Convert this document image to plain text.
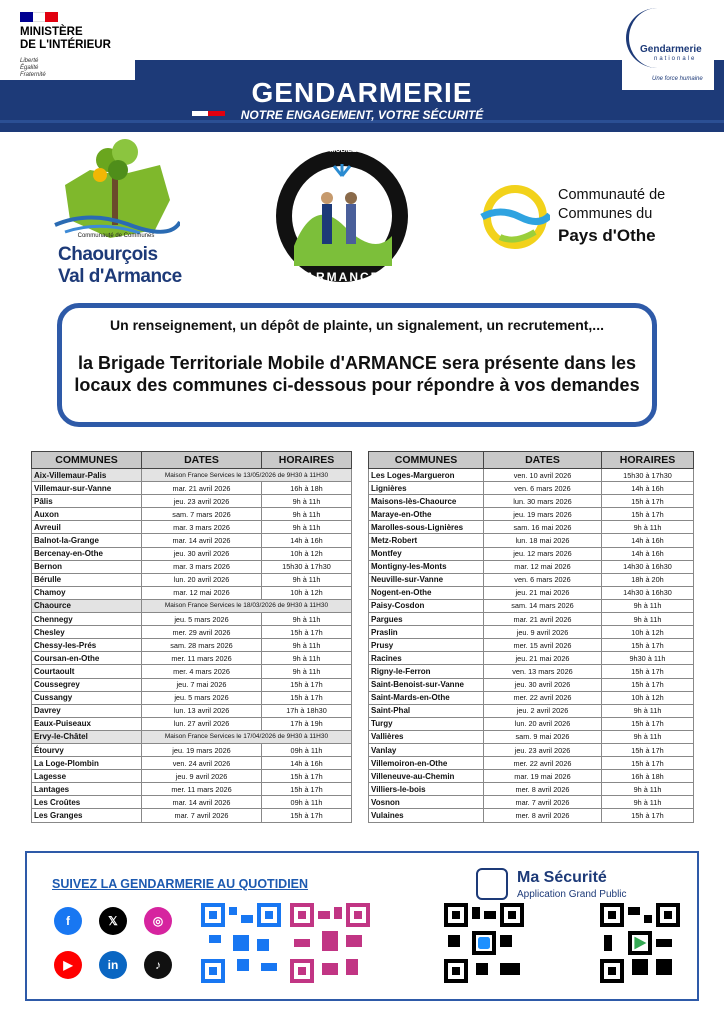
MINISTÈRE
DE L'INTÉRIEUR
Liberté
Égalité
Fraternité
GENDARMERIE
NOTRE ENGAGEMENT, VOTRE SÉCURITÉ
Gendarmerie
nationale
Une force humaine
Communauté de Communes
Chaourçois
Val d'Armance
BRIGADE TERRITORIALE MOBILE
ARMANCE
Communauté de
Communes du
Pays d'Othe
Un renseignement, un dépôt de plainte, un signalement, un recrutement,...
la Brigade Territoriale Mobile d'ARMANCE sera présente dans les locaux des communes ci-dessous pour répondre à vos demandes
COMMUNES	DATES	HORAIRES
Aix-Villemaur-Palis	Maison France Services le 13/05/2026 de 9H30 à 11H30	
Villemaur-sur-Vanne	mar. 21 avril 2026	16h à 18h
Pâlis	jeu. 23 avril 2026	9h à 11h
Auxon	sam. 7 mars 2026	9h à 11h
Avreuil	mar. 3 mars 2026	9h à 11h
Balnot-la-Grange	mar. 14 avril 2026	14h à 16h
Bercenay-en-Othe	jeu. 30 avril 2026	10h à 12h
Bernon	mar. 3 mars 2026	15h30 à 17h30
Bérulle	lun. 20 avril 2026	9h à 11h
Chamoy	mar. 12 mai 2026	10h à 12h
Chaource	Maison France Services le 18/03/2026 de 9H30 à 11H30	
Chennegy	jeu. 5 mars 2026	9h à 11h
Chesley	mer. 29 avril 2026	15h à 17h
Chessy-les-Prés	sam. 28 mars 2026	9h à 11h
Coursan-en-Othe	mer. 11 mars 2026	9h à 11h
Courtaoult	mer. 4 mars 2026	9h à 11h
Coussegrey	jeu. 7 mai 2026	15h à 17h
Cussangy	jeu. 5 mars 2026	15h à 17h
Davrey	lun. 13 avril 2026	17h à 18h30
Eaux-Puiseaux	lun. 27 avril 2026	17h à 19h
Ervy-le-Châtel	Maison France Services le 17/04/2026 de 9H30 à 11H30	
Étourvy	jeu. 19 mars 2026	09h à 11h
La Loge-Plombin	ven. 24 avril 2026	14h à 16h
Lagesse	jeu. 9 avril 2026	15h à 17h
Lantages	mer. 11 mars 2026	15h à 17h
Les Croûtes	mar. 14 avril 2026	09h à 11h
Les Granges	mar. 7 avril 2026	15h à 17h
COMMUNES	DATES	HORAIRES
Les Loges-Margueron	ven. 10 avril 2026	15h30 à 17h30
Lignières	ven. 6 mars 2026	14h à 16h
Maisons-lès-Chaource	lun. 30 mars 2026	15h à 17h
Maraye-en-Othe	jeu. 19 mars 2026	15h à 17h
Marolles-sous-Lignières	sam. 16 mai 2026	9h à 11h
Metz-Robert	lun. 18 mai 2026	14h à 16h
Montfey	jeu. 12 mars 2026	14h à 16h
Montigny-les-Monts	mar. 12 mai 2026	14h30 à 16h30
Neuville-sur-Vanne	ven. 6 mars 2026	18h à 20h
Nogent-en-Othe	jeu. 21 mai 2026	14h30 à 16h30
Paisy-Cosdon	sam. 14 mars 2026	9h à 11h
Pargues	mar. 21 avril 2026	9h à 11h
Praslin	jeu. 9 avril 2026	10h à 12h
Prusy	mer. 15 avril 2026	15h à 17h
Racines	jeu. 21 mai 2026	9h30 à 11h
Rigny-le-Ferron	ven. 13 mars 2026	15h à 17h
Saint-Benoist-sur-Vanne	jeu. 30 avril 2026	15h à 17h
Saint-Mards-en-Othe	mer. 22 avril 2026	10h à 12h
Saint-Phal	jeu. 2 avril 2026	9h à 11h
Turgy	lun. 20 avril 2026	15h à 17h
Vallières	sam. 9 mai 2026	9h à 11h
Vanlay	jeu. 23 avril 2026	15h à 17h
Villemoiron-en-Othe	mer. 22 avril 2026	15h à 17h
Villeneuve-au-Chemin	mar. 19 mai 2026	16h à 18h
Villiers-le-bois	mer. 8 avril 2026	9h à 11h
Vosnon	mar. 7 avril 2026	9h à 11h
Vulaines	mer. 8 avril 2026	15h à 17h
SUIVEZ LA GENDARMERIE AU QUOTIDIEN
f	𝕏	◎
▶	in	♪
Ma Sécurité
Application Grand Public
